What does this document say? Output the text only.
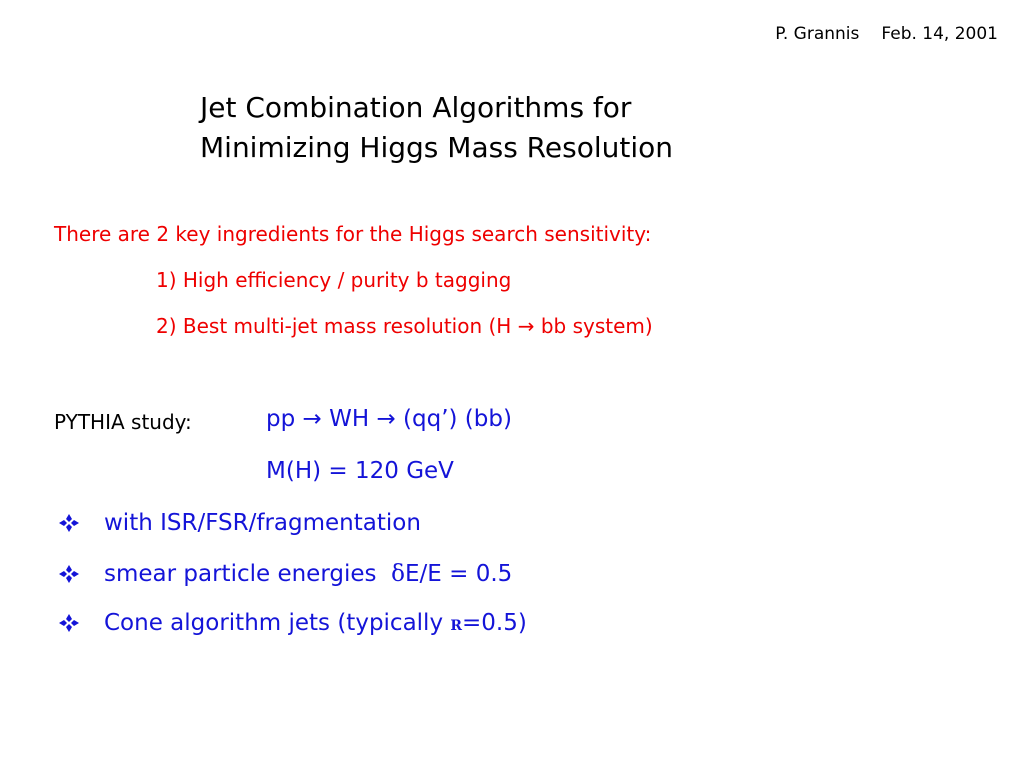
P. Grannis Feb. 14, 2001
Jet Combination Algorithms for
Minimizing Higgs Mass Resolution
There are 2 key ingredients for the Higgs search sensitivity:
1) High efficiency / purity b tagging
2) Best multi-jet mass resolution (H → bb system)
PYTHIA study:	pp → WH → (qq’) (bb)
M(H) = 120 GeV
with ISR/FSR/fragmentation
smear particle energies  δE/E = 0.5
Cone algorithm jets (typically R=0.5)
